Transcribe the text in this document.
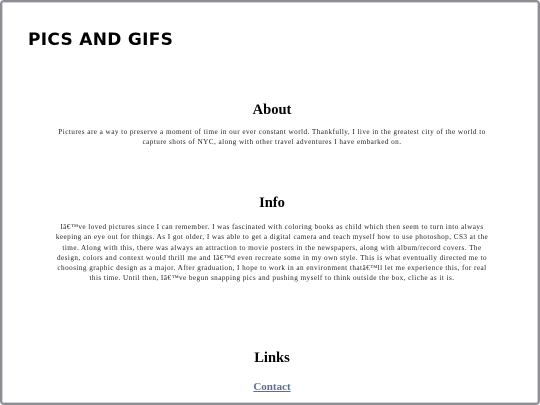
PICS AND GIFS
About

Pictures are a way to preserve a moment of time in our ever constant world. Thankfully, I live in the greatest city of the world to capture shots of NYC, along with other travel adventures I have embarked on.

Info

Iâ€™ve loved pictures since I can remember. I was fascinated with coloring books as child which then seem to turn into always keeping an eye out for things. As I got older, I was able to get a digital camera and teach myself how to use photoshop, CS3 at the time. Along with this, there was always an attraction to movie posters in the newspapers, along with album/record covers. The design, colors and context would thrill me and Iâ€™d even recreate some in my own style. This is what eventually directed me to choosing graphic design as a major. After graduation, I hope to work in an environment thatâ€™ll let me experience this, for real this time. Until then, Iâ€™ve begun snapping pics and pushing myself to think outside the box, cliche as it is.

Links
Contact
